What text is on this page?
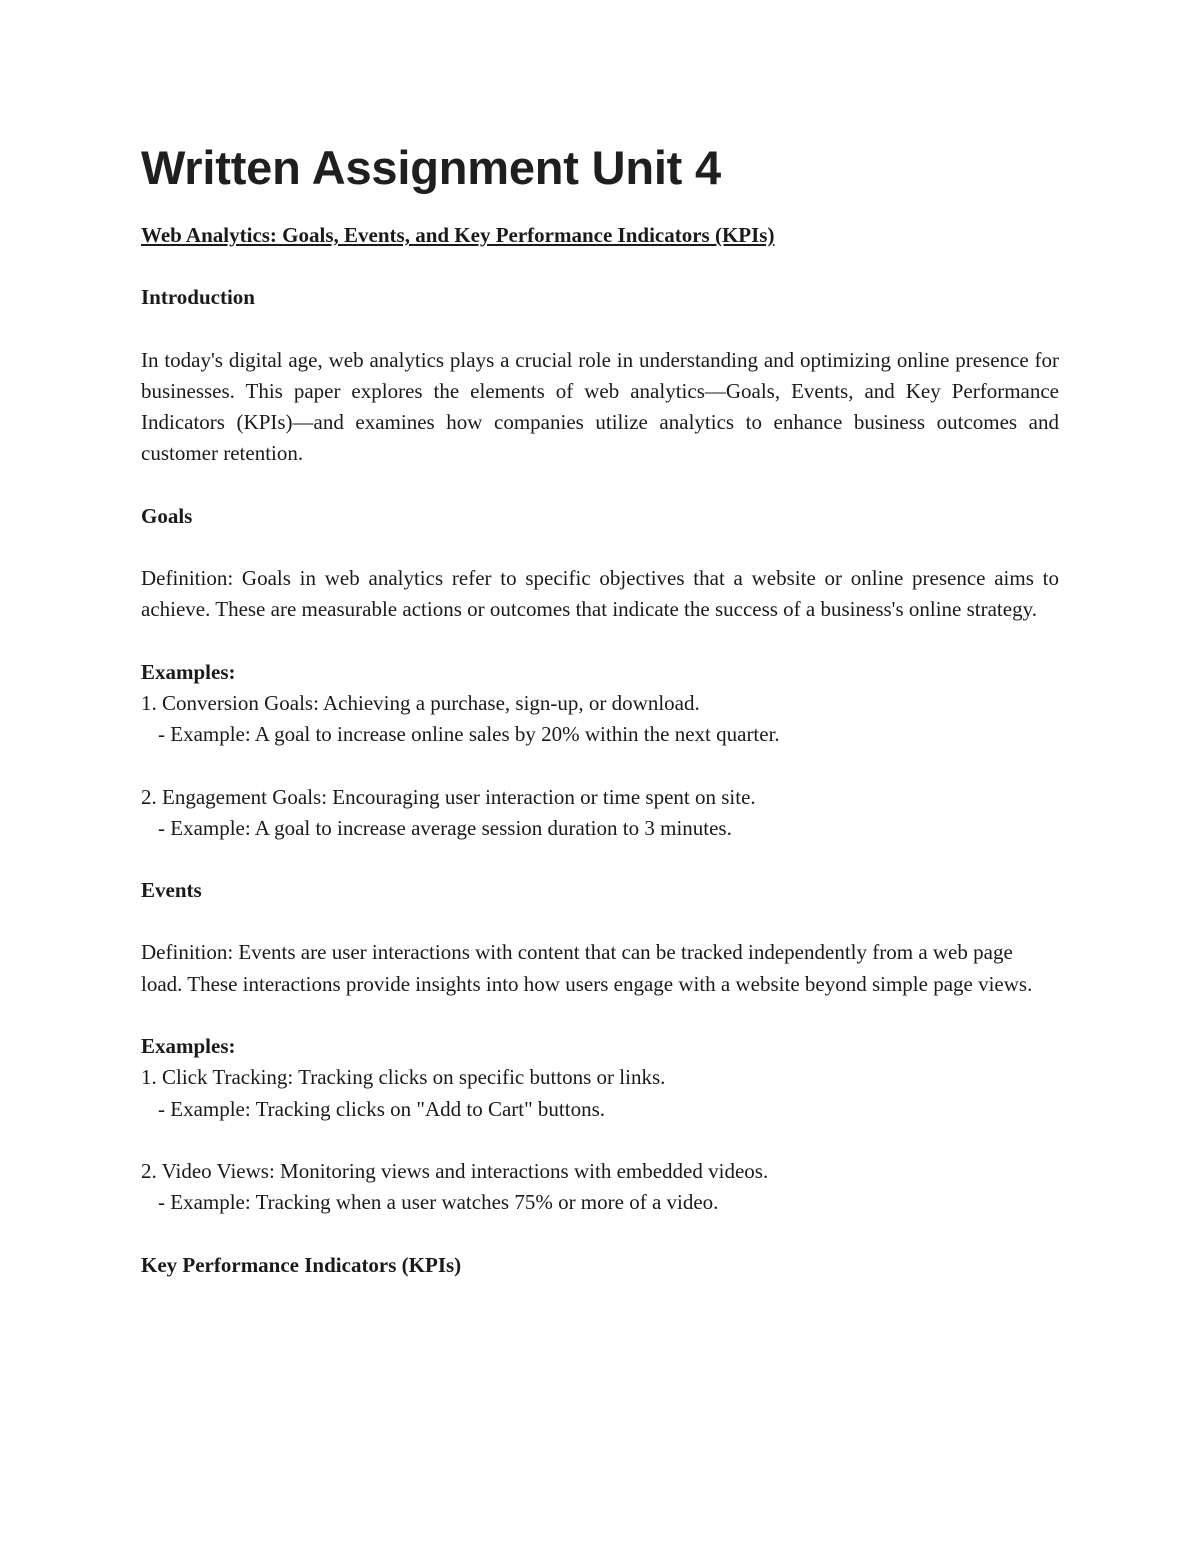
Written Assignment Unit 4
Web Analytics: Goals, Events, and Key Performance Indicators (KPIs)
Introduction
In today's digital age, web analytics plays a crucial role in understanding and optimizing online presence for businesses. This paper explores the elements of web analytics—Goals, Events, and Key Performance Indicators (KPIs)—and examines how companies utilize analytics to enhance business outcomes and customer retention.
Goals
Definition: Goals in web analytics refer to specific objectives that a website or online presence aims to achieve. These are measurable actions or outcomes that indicate the success of a business's online strategy.
Examples:
1. Conversion Goals: Achieving a purchase, sign-up, or download.
- Example: A goal to increase online sales by 20% within the next quarter.
2. Engagement Goals: Encouraging user interaction or time spent on site.
- Example: A goal to increase average session duration to 3 minutes.
Events
Definition: Events are user interactions with content that can be tracked independently from a web page load. These interactions provide insights into how users engage with a website beyond simple page views.
Examples:
1. Click Tracking: Tracking clicks on specific buttons or links.
- Example: Tracking clicks on "Add to Cart" buttons.
2. Video Views: Monitoring views and interactions with embedded videos.
- Example: Tracking when a user watches 75% or more of a video.
Key Performance Indicators (KPIs)
